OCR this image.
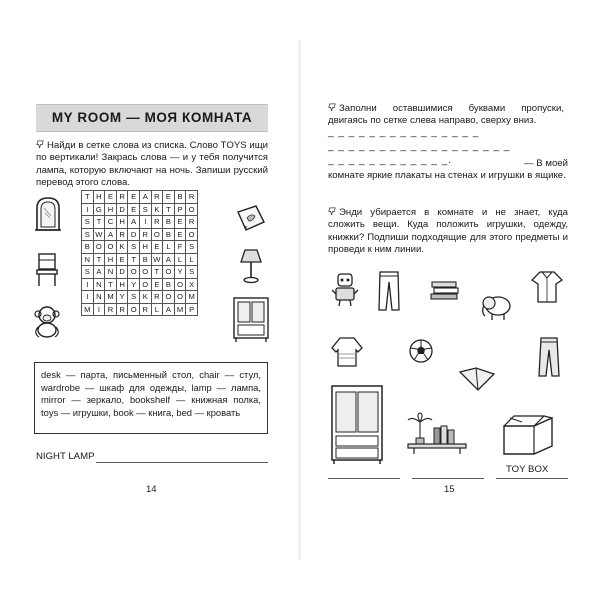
MY ROOM — МОЯ КОМНАТА
Найди в сетке слова из списка. Слово TOYS ищи по вертикали! Закрась слова — и у тебя получится лампа, которую включают на ночь. Запиши русский перевод этого слова.
T	H	E	R	E	A	R	E	B	R
I	G	H	D	E	S	K	T	P	O
S	T	C	H	A	I	R	B	E	R
S	W	A	R	D	R	O	B	E	O
B	O	O	K	S	H	E	L	F	S
N	T	H	E	T	B	W	A	L	L
S	A	N	D	O	O	T	O	Y	S
I	N	T	H	Y	O	E	B	O	X
I	N	M	Y	S	K	R	O	O	M
M	I	R	R	O	R	L	A	M	P
desk — парта, письменный стол, chair — стул, wardrobe — шкаф для одежды, lamp — лампа, mirror — зеркало, bookshelf — книжная полка, toys — игрушки, book — книга, bed — кровать
NIGHT LAMP
14
Заполни оставшимися буквами пропуски, двигаясь по сетке слева направо, сверху вниз.
_ _ _ _ _ _ _ _ _ _ _ _ _ _ _
_ _ _ _ _ _ _ _ _ _ _ _ _ _ _ _ _ _
_ _ _ _ _ _ _ _ _ _ _ _.	— В моей
комнате яркие плакаты на стенах и игрушки в ящике.
Энди убирается в комнате и не знает, куда сложить вещи. Куда положить игрушки, одежду, книжки? Подпиши подходящие для этого предметы и проведи к ним линии.
TOY BOX
15
